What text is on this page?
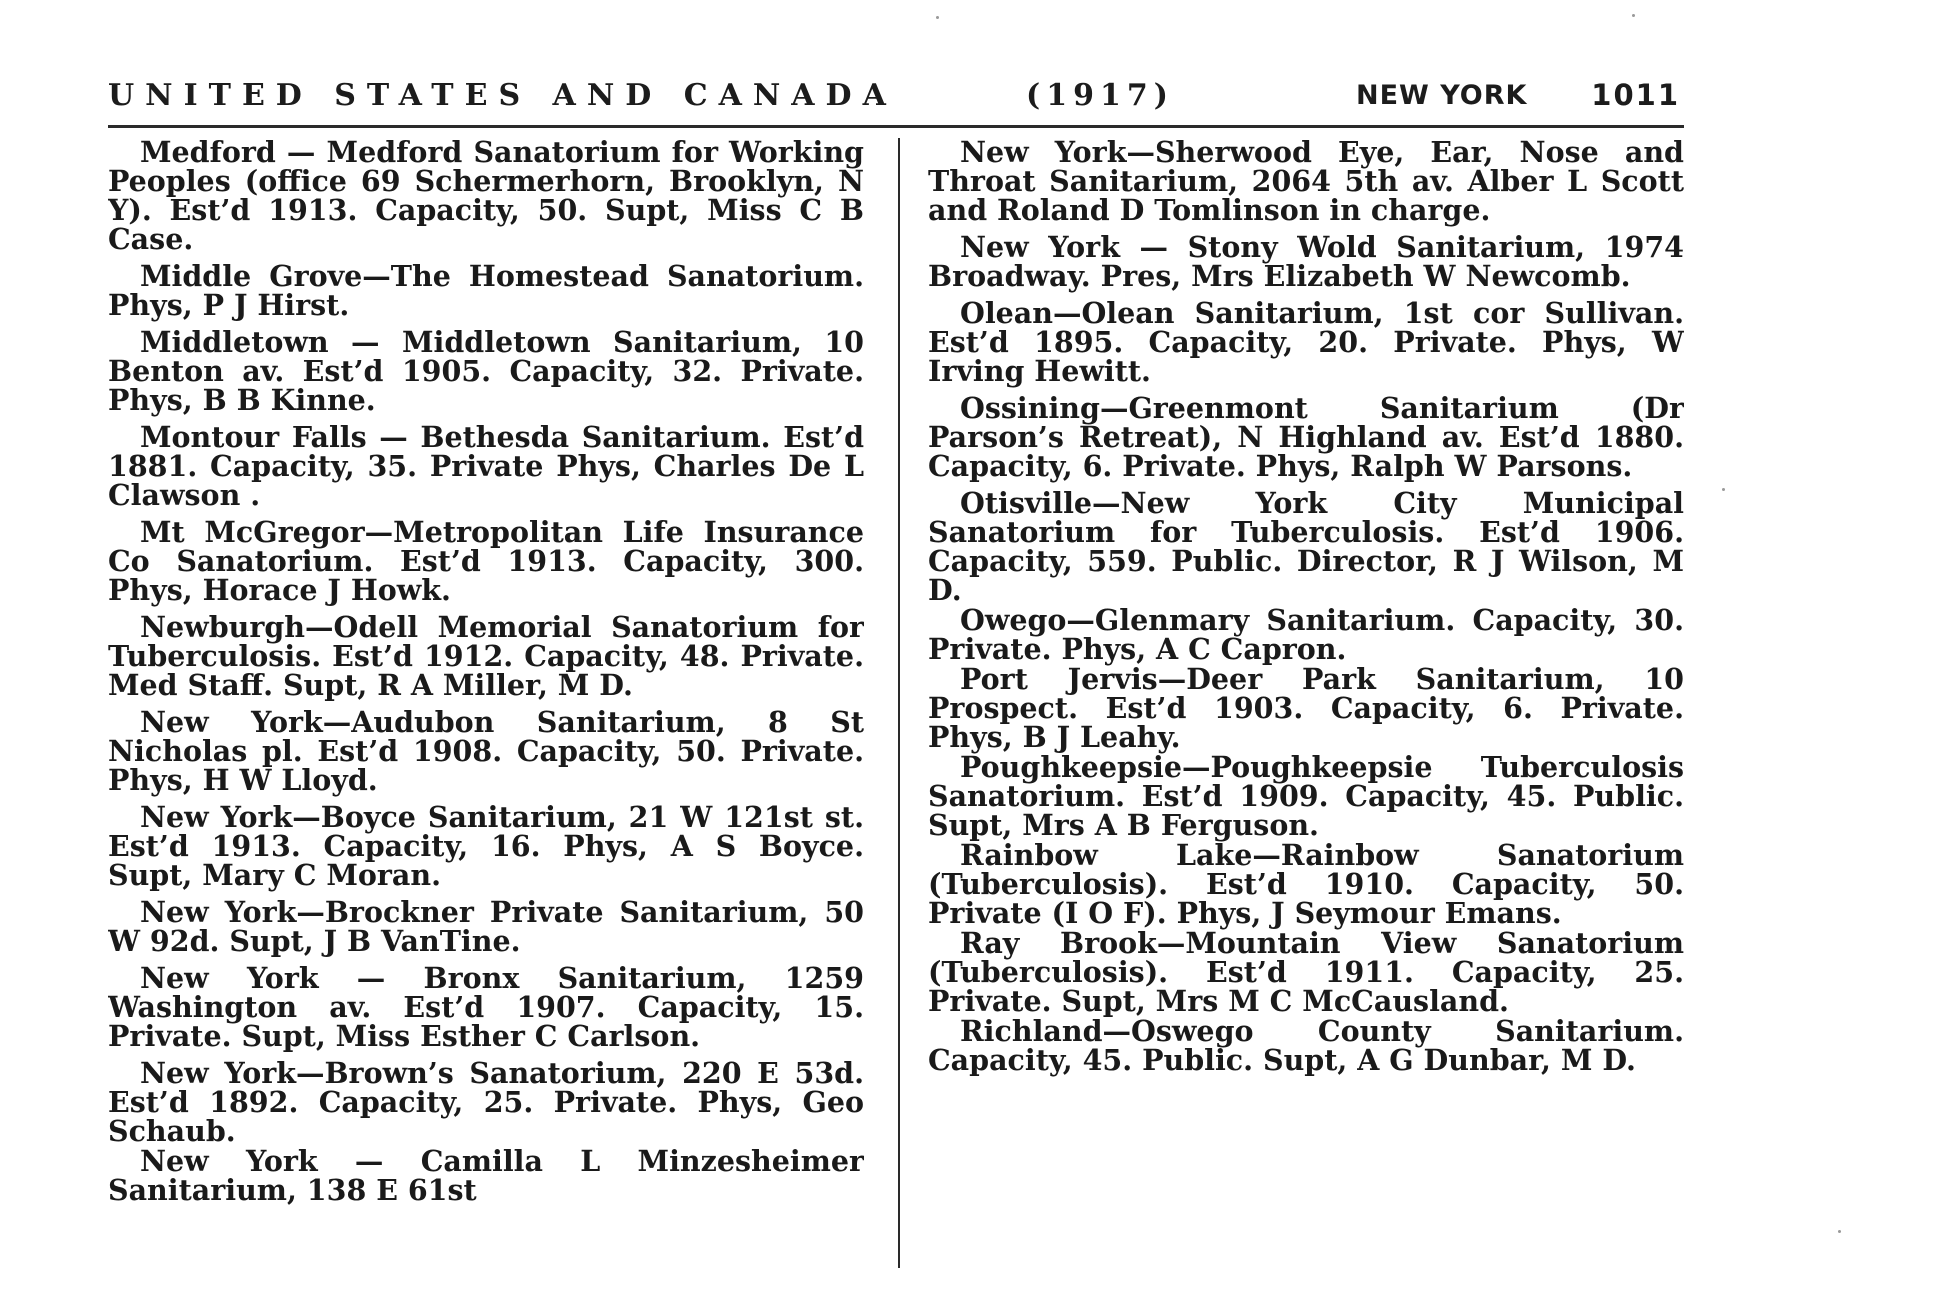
UNITED STATES AND CANADA	(1917)	NEW YORK 1011

Medford — Medford Sanatorium for Working Peoples (office 69 Schermerhorn, Brooklyn, N Y). Est’d 1913. Capacity, 50. Supt, Miss C B Case.

Middle Grove—The Homestead Sanatorium. Phys, P J Hirst.

Middletown — Middletown Sanitarium, 10 Benton av. Est’d 1905. Capacity, 32. Private. Phys, B B Kinne.

Montour Falls — Bethesda Sanitarium. Est’d 1881. Capacity, 35. Private Phys, Charles De L Clawson .

Mt McGregor—Metropolitan Life Insurance Co Sanatorium. Est’d 1913. Capacity, 300. Phys, Horace J Howk.

Newburgh—Odell Memorial Sanatorium for Tuberculosis. Est’d 1912. Capacity, 48. Private. Med Staff. Supt, R A Miller, M D.

New York—Audubon Sanitarium, 8 St Nicholas pl. Est’d 1908. Capacity, 50. Private. Phys, H W Lloyd.

New York—Boyce Sanitarium, 21 W 121st st. Est’d 1913. Capacity, 16. Phys, A S Boyce. Supt, Mary C Moran.

New York—Brockner Private Sanitarium, 50 W 92d. Supt, J B VanTine.

New York — Bronx Sanitarium, 1259 Washington av. Est’d 1907. Capacity, 15. Private. Supt, Miss Esther C Carlson.

New York—Brown’s Sanatorium, 220 E 53d. Est’d 1892. Capacity, 25. Private. Phys, Geo Schaub.

New York — Camilla L Minzesheimer Sanitarium, 138 E 61st

New York—Sherwood Eye, Ear, Nose and Throat Sanitarium, 2064 5th av. Alber L Scott and Roland D Tomlinson in charge.

New York — Stony Wold Sanitarium, 1974 Broadway. Pres, Mrs Elizabeth W Newcomb.

Olean—Olean Sanitarium, 1st cor Sullivan. Est’d 1895. Capacity, 20. Private. Phys, W Irving Hewitt.

Ossining—Greenmont Sanitarium (Dr Parson’s Retreat), N Highland av. Est’d 1880. Capacity, 6. Private. Phys, Ralph W Parsons.

Otisville—New York City Municipal Sanatorium for Tuberculosis. Est’d 1906. Capacity, 559. Public. Director, R J Wilson, M D.

Owego—Glenmary Sanitarium. Capacity, 30. Private. Phys, A C Capron.

Port Jervis—Deer Park Sanitarium, 10 Prospect. Est’d 1903. Capacity, 6. Private. Phys, B J Leahy.

Poughkeepsie—Poughkeepsie Tuberculosis Sanatorium. Est’d 1909. Capacity, 45. Public. Supt, Mrs A B Ferguson.

Rainbow Lake—Rainbow Sanatorium (Tuberculosis). Est’d 1910. Capacity, 50. Private (I O F). Phys, J Seymour Emans.

Ray Brook—Mountain View Sanatorium (Tuberculosis). Est’d 1911. Capacity, 25. Private. Supt, Mrs M C McCausland.

Richland—Oswego County Sanitarium. Capacity, 45. Public. Supt, A G Dunbar, M D.
